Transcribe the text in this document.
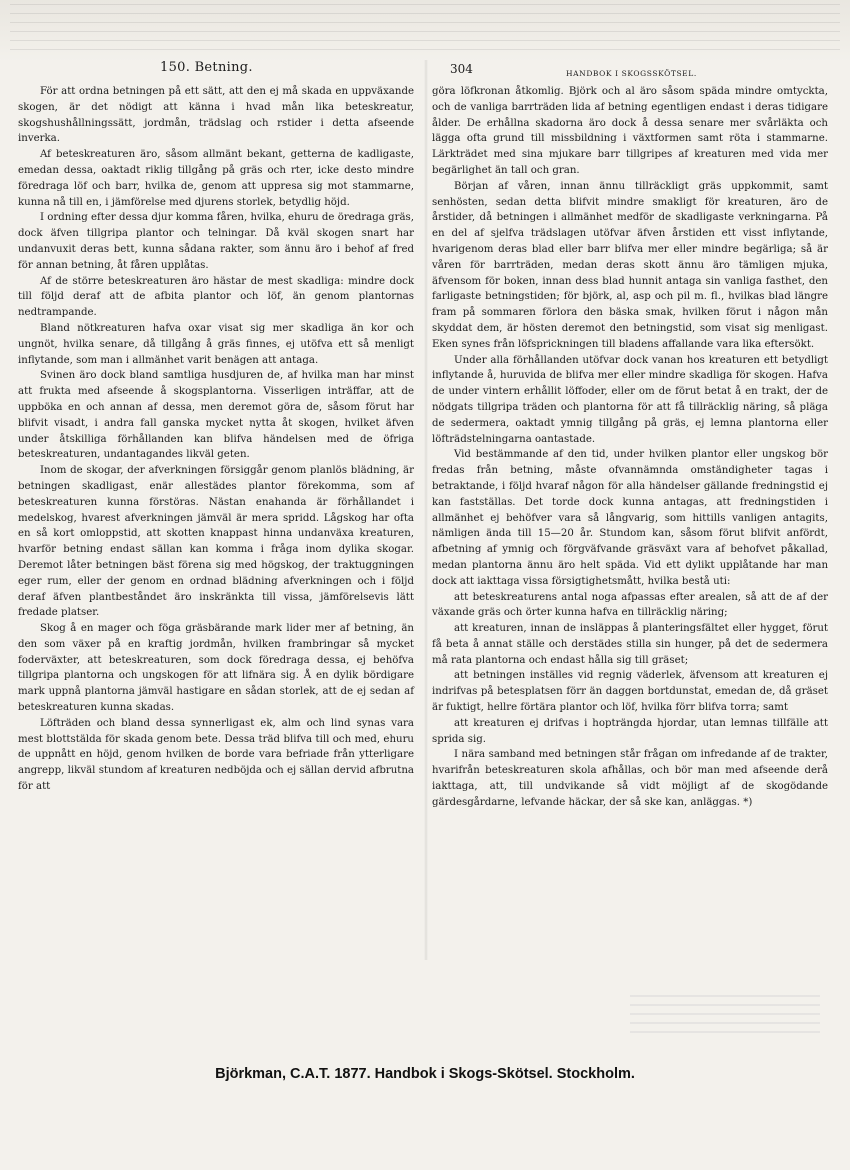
150. Betning.

För att ordna betningen på ett sätt, att den ej må skada en uppväxande skogen, är det nödigt att känna i hvad mån lika beteskreatur, skogshushållningssätt, jordmån, trädslag och rstider i detta afseende inverka.

Af beteskreaturen äro, såsom allmänt bekant, getterna de kadligaste, emedan dessa, oaktadt riklig tillgång på gräs och rter, icke desto mindre föredraga löf och barr, hvilka de, genom att uppresa sig mot stammarne, kunna nå till en, i jämförelse med djurens storlek, betydlig höjd.

I ordning efter dessa djur komma fåren, hvilka, ehuru de öredraga gräs, dock äfven tillgripa plantor och telningar. Då kväl skogen snart har undanvuxit deras bett, kunna sådana rakter, som ännu äro i behof af fred för annan betning, åt fåren upplåtas.

Af de större beteskreaturen äro hästar de mest skadliga: mindre dock till följd deraf att de afbita plantor och löf, än genom plantornas nedtrampande.

Bland nötkreaturen hafva oxar visat sig mer skadliga än kor och ungnöt, hvilka senare, då tillgång å gräs finnes, ej utöfva ett så menligt inflytande, som man i allmänhet varit benägen att antaga.

Svinen äro dock bland samtliga husdjuren de, af hvilka man har minst att frukta med afseende å skogsplantorna. Visserligen inträffar, att de uppböka en och annan af dessa, men deremot göra de, såsom förut har blifvit visadt, i andra fall ganska mycket nytta åt skogen, hvilket äfven under åtskilliga förhållanden kan blifva händelsen med de öfriga beteskreaturen, undantagandes likväl geten.

Inom de skogar, der afverkningen försiggår genom planlös blädning, är betningen skadligast, enär allestädes plantor förekomma, som af beteskreaturen kunna förstöras. Nästan enahanda är förhållandet i medelskog, hvarest afverkningen jämväl är mera spridd. Lågskog har ofta en så kort omloppstid, att skotten knappast hinna undanväxa kreaturen, hvarför betning endast sällan kan komma i fråga inom dylika skogar. Deremot låter betningen bäst förena sig med högskog, der traktuggningen eger rum, eller der genom en ordnad blädning afverkningen och i följd deraf äfven plantbeståndet äro inskränkta till vissa, jämförelsevis lätt fredade platser.

Skog å en mager och föga gräsbärande mark lider mer af betning, än den som växer på en kraftig jordmån, hvilken frambringar så mycket foderväxter, att beteskreaturen, som dock föredraga dessa, ej behöfva tillgripa plantorna och ungskogen för att lifnära sig. Å en dylik bördigare mark uppnå plantorna jämväl hastigare en sådan storlek, att de ej sedan af beteskreaturen kunna skadas.

Löfträden och bland dessa synnerligast ek, alm och lind synas vara mest blottstälda för skada genom bete. Dessa träd blifva till och med, ehuru de uppnått en höjd, genom hvilken de borde vara befriade från ytterligare angrepp, likväl stundom af kreaturen nedböjda och ej sällan dervid afbrutna för att

304	HANDBOK I SKOGSSKÖTSEL.

göra löfkronan åtkomlig. Björk och al äro såsom späda mindre omtyckta, och de vanliga barrträden lida af betning egentligen endast i deras tidigare ålder. De erhållna skadorna äro dock å dessa senare mer svårläkta och lägga ofta grund till missbildning i växtformen samt röta i stammarne. Lärkträdet med sina mjukare barr tillgripes af kreaturen med vida mer begärlighet än tall och gran.

Början af våren, innan ännu tillräckligt gräs uppkommit, samt senhösten, sedan detta blifvit mindre smakligt för kreaturen, äro de årstider, då betningen i allmänhet medför de skadligaste verkningarna. På en del af sjelfva trädslagen utöfvar äfven årstiden ett visst inflytande, hvarigenom deras blad eller barr blifva mer eller mindre begärliga; så är våren för barrträden, medan deras skott ännu äro tämligen mjuka, äfvensom för boken, innan dess blad hunnit antaga sin vanliga fasthet, den farligaste betningstiden; för björk, al, asp och pil m. fl., hvilkas blad längre fram på sommaren förlora den bäska smak, hvilken förut i någon mån skyddat dem, är hösten deremot den betningstid, som visat sig menligast. Eken synes från löfsprickningen till bladens affallande vara lika eftersökt.

Under alla förhållanden utöfvar dock vanan hos kreaturen ett betydligt inflytande å, huruvida de blifva mer eller mindre skadliga för skogen. Hafva de under vintern erhållit löffoder, eller om de förut betat å en trakt, der de nödgats tillgripa träden och plantorna för att få tillräcklig näring, så pläga de sedermera, oaktadt ymnig tillgång på gräs, ej lemna plantorna eller löfträdstelningarna oantastade.

Vid bestämmande af den tid, under hvilken plantor eller ungskog bör fredas från betning, måste ofvannämnda omständigheter tagas i betraktande, i följd hvaraf någon för alla händelser gällande fredningstid ej kan fastställas. Det torde dock kunna antagas, att fredningstiden i allmänhet ej behöfver vara så långvarig, som hittills vanligen antagits, nämligen ända till 15—20 år. Stundom kan, såsom förut blifvit anfördt, afbetning af ymnig och förgväfvande gräsväxt vara af behofvet påkallad, medan plantorna ännu äro helt späda. Vid ett dylikt upplåtande har man dock att iakttaga vissa försigtighetsmått, hvilka bestå uti:

att beteskreaturens antal noga afpassas efter arealen, så att de af der växande gräs och örter kunna hafva en tillräcklig näring;

att kreaturen, innan de insläppas å planteringsfältet eller hygget, förut få beta å annat ställe och derstädes stilla sin hunger, på det de sedermera må rata plantorna och endast hålla sig till gräset;

att betningen inställes vid regnig väderlek, äfvensom att kreaturen ej indrifvas på betesplatsen förr än daggen bortdunstat, emedan de, då gräset är fuktigt, hellre förtära plantor och löf, hvilka förr blifva torra; samt

att kreaturen ej drifvas i hopträngda hjordar, utan lemnas tillfälle att sprida sig.

I nära samband med betningen står frågan om infredande af de trakter, hvarifrån beteskreaturen skola afhållas, och bör man med afseende derå iakttaga, att, till undvikande så vidt möjligt af de skogödande gärdesgårdarne, lefvande häckar, der så ske kan, anläggas. *)

Björkman, C.A.T. 1877. Handbok i Skogs-Skötsel. Stockholm.
